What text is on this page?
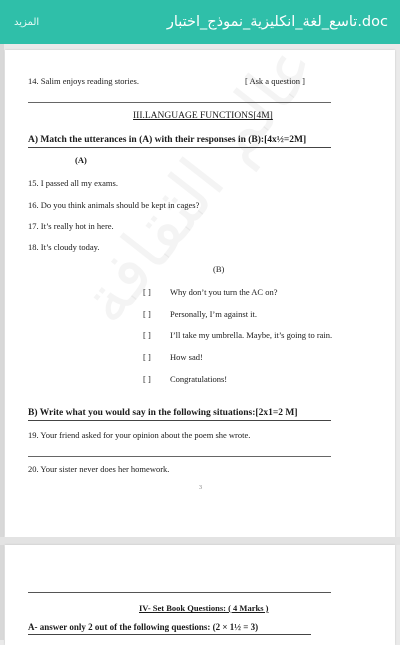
المزيد	تاسع_لغة_انكليزية_نموذج_اختبار.doc
14. Salim enjoys reading stories.	[ Ask a question ]
III.LANGUAGE FUNCTIONS[4M]
A) Match the utterances in (A) with their responses in (B):[4x½=2M]
(A)
15. I passed all my exams.
16. Do you think animals should be kept in cages?
17. It’s really hot in here.
18. It’s cloudy today.
(B)
[ ] Why don’t you turn the AC on?
[ ] Personally, I’m against it.
[ ] I’ll take my umbrella. Maybe, it’s going to rain.
[ ] How sad!
[ ] Congratulations!
B) Write what you would say in the following situations:[2x1=2 M]
19. Your friend asked for your opinion about the poem she wrote.
20. Your sister never does her homework.
3
IV- Set Book Questions: ( 4 Marks )
A- answer only 2 out of the following questions: (2 × 1½ = 3)
